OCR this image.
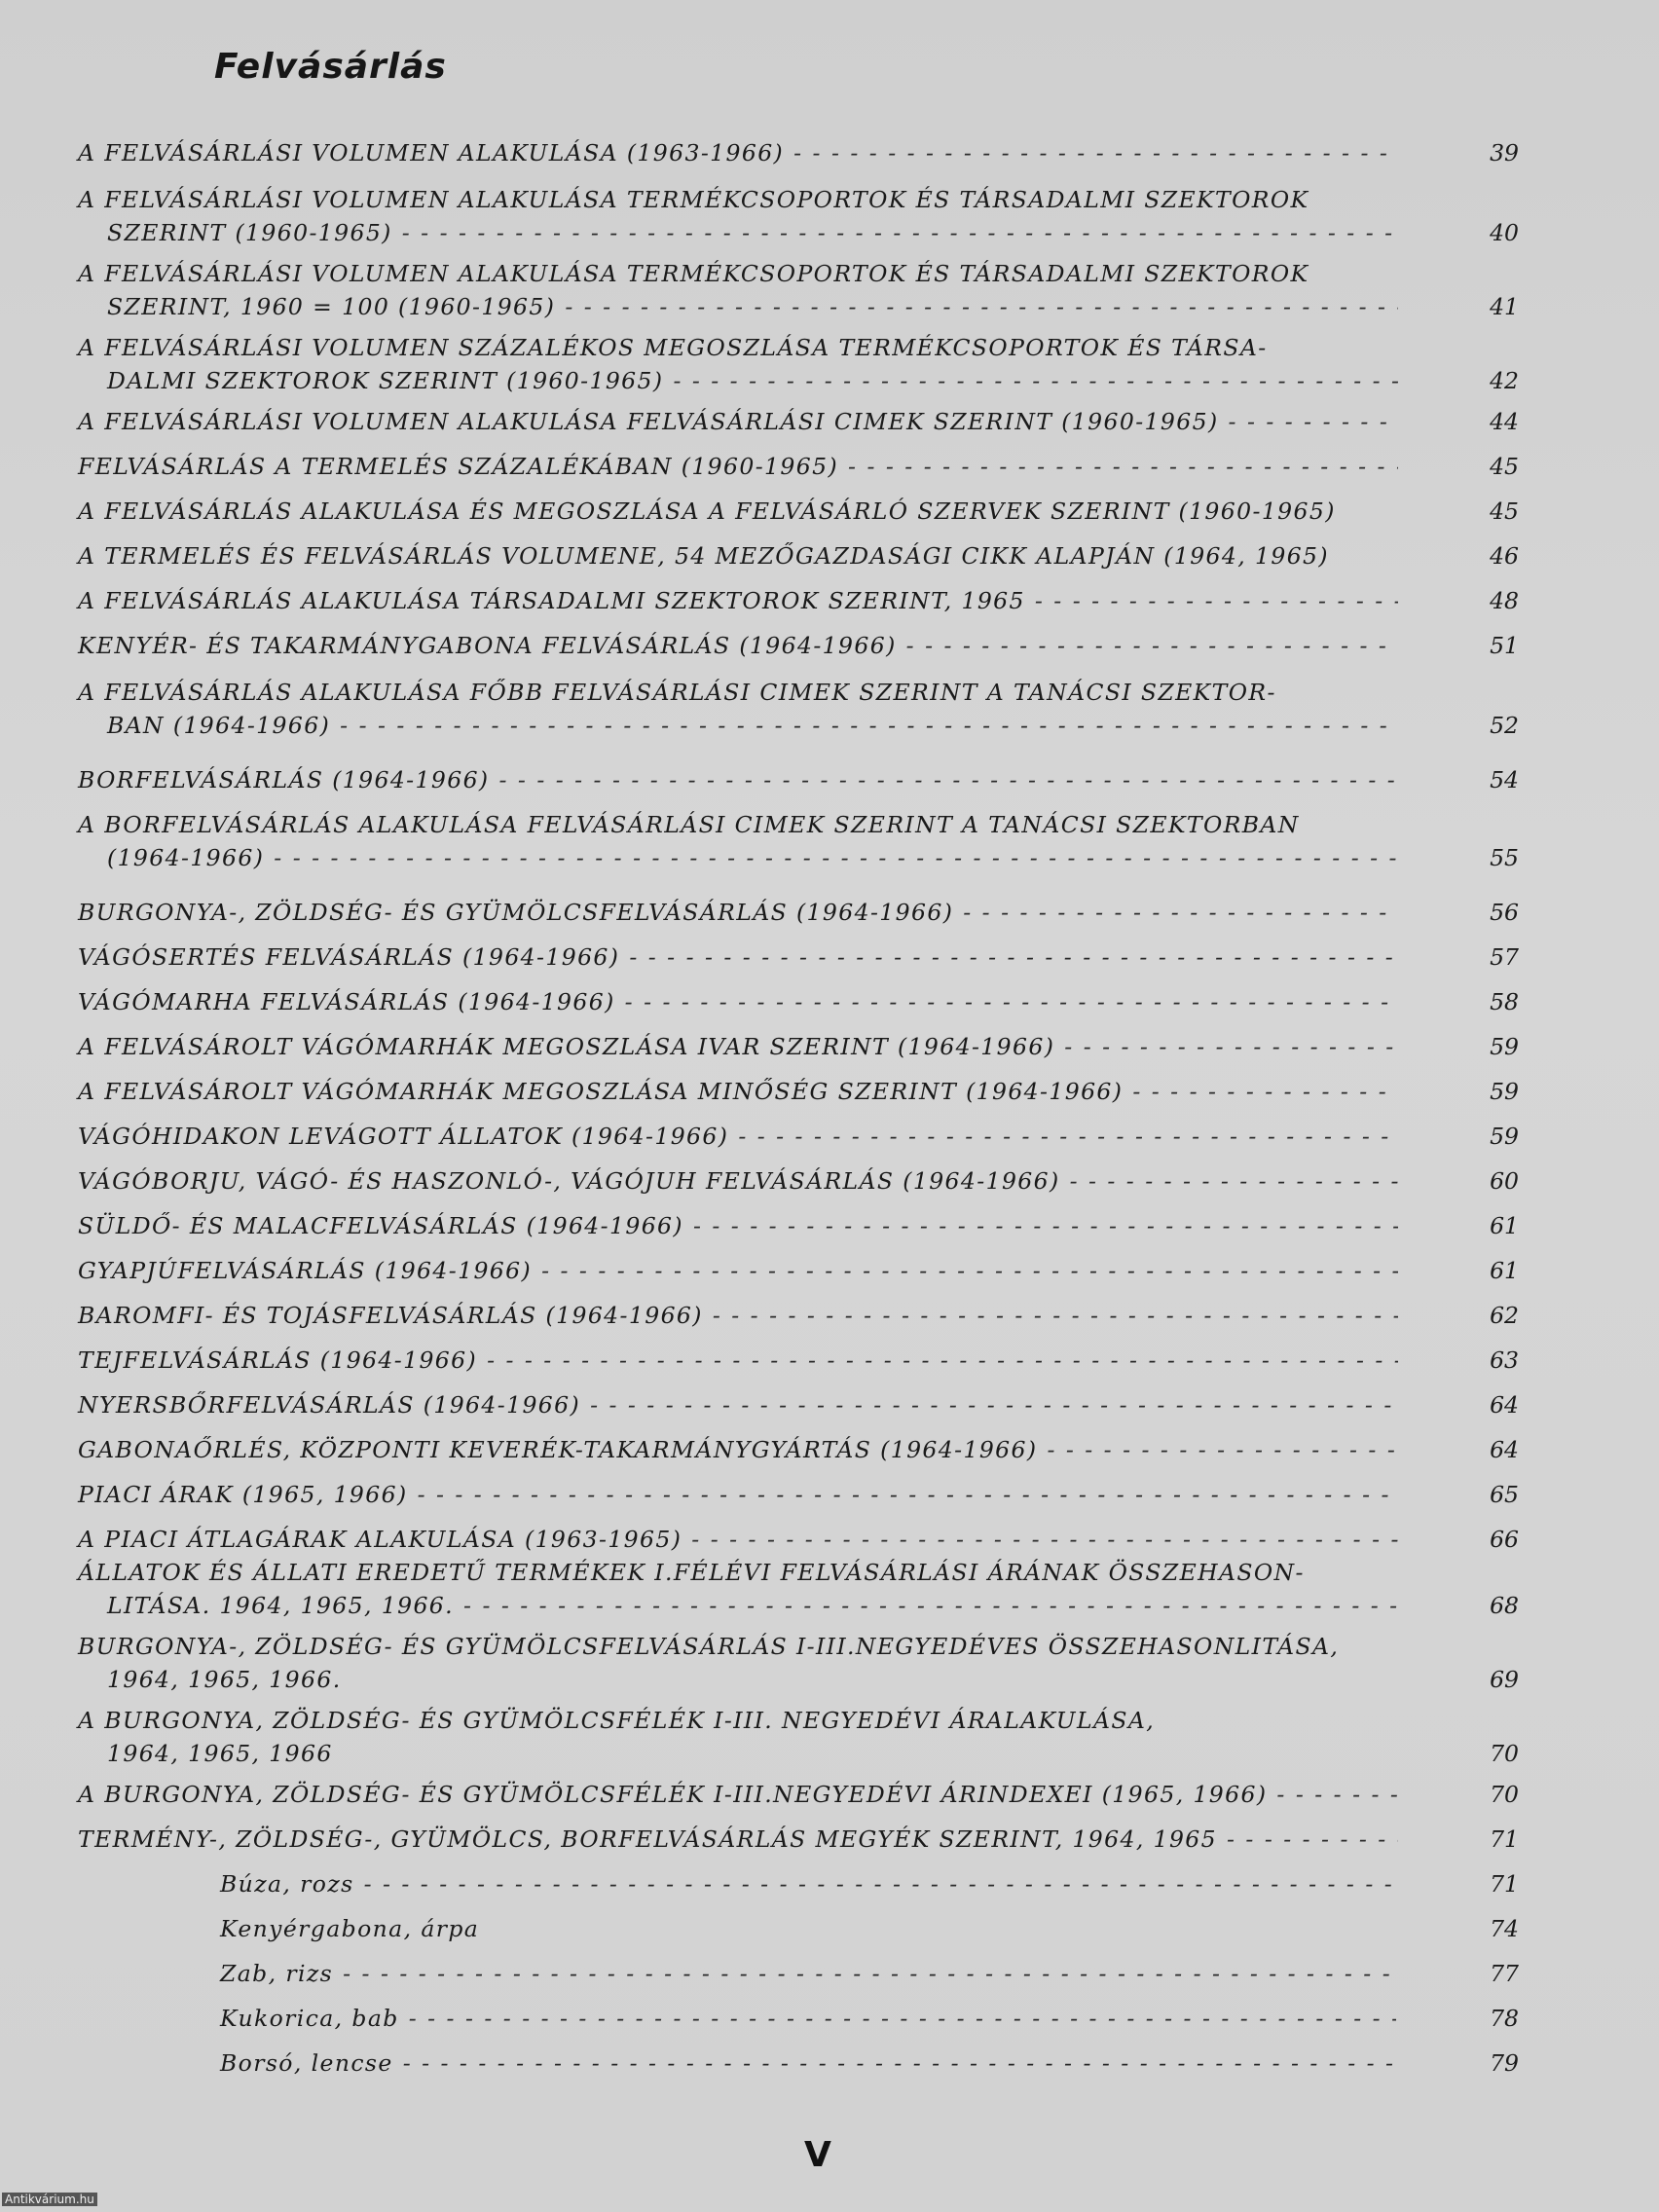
Felvásárlás
A FELVÁSÁRLÁSI VOLUMEN ALAKULÁSA (1963-1966) - - -	39
A FELVÁSÁRLÁSI VOLUMEN ALAKULÁSA TERMÉKCSOPORTOK ÉS TÁRSADALMI SZEKTOROK
SZERINT (1960-1965) - - -	40
A FELVÁSÁRLÁSI VOLUMEN ALAKULÁSA TERMÉKCSOPORTOK ÉS TÁRSADALMI SZEKTOROK
SZERINT, 1960 = 100 (1960-1965) - - -	41
A FELVÁSÁRLÁSI VOLUMEN SZÁZALÉKOS MEGOSZLÁSA TERMÉKCSOPORTOK ÉS TÁRSA-
DALMI SZEKTOROK SZERINT (1960-1965) - - -	42
A FELVÁSÁRLÁSI VOLUMEN ALAKULÁSA FELVÁSÁRLÁSI CIMEK SZERINT (1960-1965) - - -	44
FELVÁSÁRLÁS A TERMELÉS SZÁZALÉKÁBAN (1960-1965) - - -	45
A FELVÁSÁRLÁS ALAKULÁSA ÉS MEGOSZLÁSA A FELVÁSÁRLÓ SZERVEK SZERINT (1960-1965)	45
A TERMELÉS ÉS FELVÁSÁRLÁS VOLUMENE, 54 MEZŐGAZDASÁGI CIKK ALAPJÁN (1964, 1965)	46
A FELVÁSÁRLÁS ALAKULÁSA TÁRSADALMI SZEKTOROK SZERINT, 1965 - - -	48
KENYÉR- ÉS TAKARMÁNYGABONA FELVÁSÁRLÁS (1964-1966) - - -	51
A FELVÁSÁRLÁS ALAKULÁSA FŐBB FELVÁSÁRLÁSI CIMEK SZERINT A TANÁCSI SZEKTOR-
BAN (1964-1966) - - -	52
BORFELVÁSÁRLÁS (1964-1966) - - -	54
A BORFELVÁSÁRLÁS ALAKULÁSA FELVÁSÁRLÁSI CIMEK SZERINT A TANÁCSI SZEKTORBAN
(1964-1966) - - -	55
BURGONYA-, ZÖLDSÉG- ÉS GYÜMÖLCSFELVÁSÁRLÁS (1964-1966) - - -	56
VÁGÓSERTÉS FELVÁSÁRLÁS (1964-1966) - - -	57
VÁGÓMARHA FELVÁSÁRLÁS (1964-1966) - - -	58
A FELVÁSÁROLT VÁGÓMARHÁK MEGOSZLÁSA IVAR SZERINT (1964-1966) - - -	59
A FELVÁSÁROLT VÁGÓMARHÁK MEGOSZLÁSA MINŐSÉG SZERINT (1964-1966) - - -	59
VÁGÓHIDAKON LEVÁGOTT ÁLLATOK (1964-1966) - - -	59
VÁGÓBORJU, VÁGÓ- ÉS HASZONLÓ-, VÁGÓJUH FELVÁSÁRLÁS (1964-1966) - - -	60
SÜLDŐ- ÉS MALACFELVÁSÁRLÁS (1964-1966) - - -	61
GYAPJÚFELVÁSÁRLÁS (1964-1966) - - -	61
BAROMFI- ÉS TOJÁSFELVÁSÁRLÁS (1964-1966) - - -	62
TEJFELVÁSÁRLÁS (1964-1966) - - -	63
NYERSBŐRFELVÁSÁRLÁS (1964-1966) - - -	64
GABONAŐRLÉS, KÖZPONTI KEVERÉK-TAKARMÁNYGYÁRTÁS (1964-1966) - - -	64
PIACI ÁRAK (1965, 1966) - - -	65
A PIACI ÁTLAGÁRAK ALAKULÁSA (1963-1965) - - -	66
ÁLLATOK ÉS ÁLLATI EREDETŰ TERMÉKEK I.FÉLÉVI FELVÁSÁRLÁSI ÁRÁNAK ÖSSZEHASON-
LITÁSA. 1964, 1965, 1966. - - -	68
BURGONYA-, ZÖLDSÉG- ÉS GYÜMÖLCSFELVÁSÁRLÁS I-III.NEGYEDÉVES ÖSSZEHASONLITÁSA,
1964, 1965, 1966.	69
A BURGONYA, ZÖLDSÉG- ÉS GYÜMÖLCSFÉLÉK I-III. NEGYEDÉVI ÁRALAKULÁSA,
1964, 1965, 1966	70
A BURGONYA, ZÖLDSÉG- ÉS GYÜMÖLCSFÉLÉK I-III.NEGYEDÉVI ÁRINDEXEI (1965, 1966) - - -	70
TERMÉNY-, ZÖLDSÉG-, GYÜMÖLCS, BORFELVÁSÁRLÁS MEGYÉK SZERINT, 1964, 1965 - - -	71
Búza, rozs - - -	71
Kenyérgabona, árpa	74
Zab, rizs - - -	77
Kukorica, bab - - -	78
Borsó, lencse - - -	79
V
Antikvárium.hu
